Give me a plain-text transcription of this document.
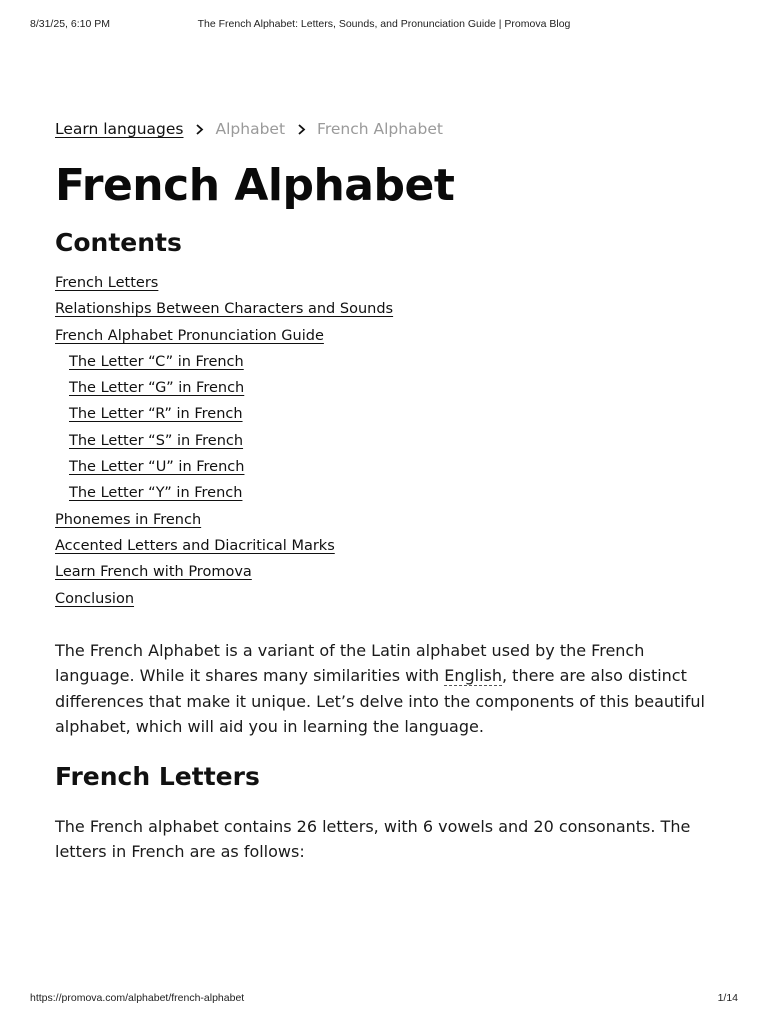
8/31/25, 6:10 PM	The French Alphabet: Letters, Sounds, and Pronunciation Guide | Promova Blog
Learn languages Alphabet French Alphabet
French Alphabet
Contents
French Letters
Relationships Between Characters and Sounds
French Alphabet Pronunciation Guide
The Letter “C” in French
The Letter “G” in French
The Letter “R” in French
The Letter “S” in French
The Letter “U” in French
The Letter “Y” in French
Phonemes in French
Accented Letters and Diacritical Marks
Learn French with Promova
Conclusion

The French Alphabet is a variant of the Latin alphabet used by the French language. While it shares many similarities with English, there are also distinct differences that make it unique. Let’s delve into the components of this beautiful alphabet, which will aid you in learning the language.

French Letters

The French alphabet contains 26 letters, with 6 vowels and 20 consonants. The letters in French are as follows:

https://promova.com/alphabet/french-alphabet	1/14
